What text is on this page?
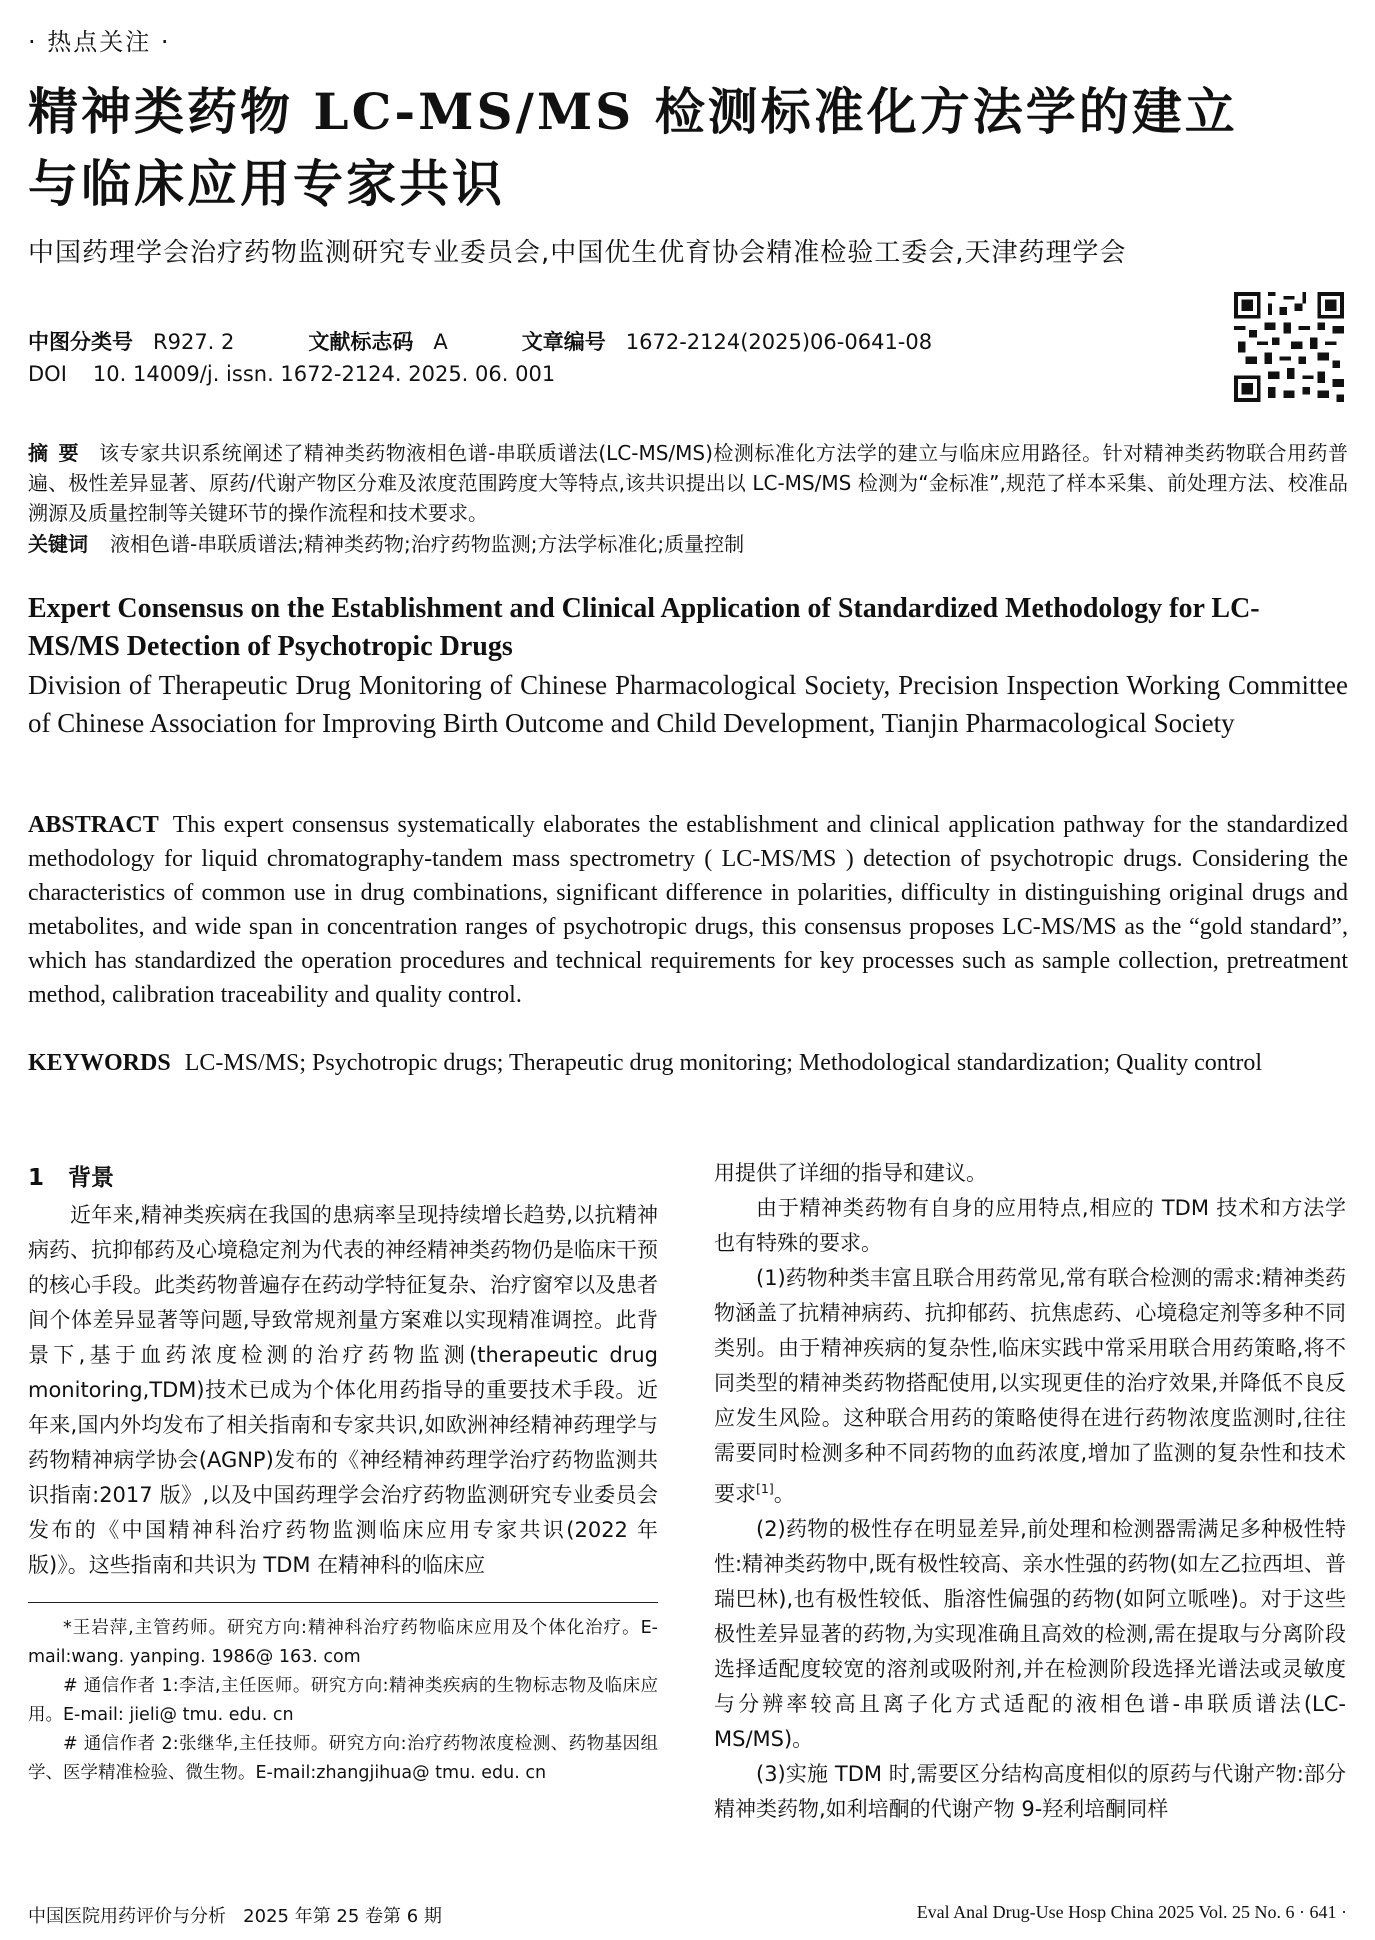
· 热点关注 ·
精神类药物 LC-MS/MS 检测标准化方法学的建立
与临床应用专家共识
中国药理学会治疗药物监测研究专业委员会,中国优生优育协会精准检验工委会,天津药理学会
中图分类号 R927. 2	文献标志码 A	文章编号 1672-2124(2025)06-0641-08
DOI 10. 14009/j. issn. 1672-2124. 2025. 06. 001
摘要 该专家共识系统阐述了精神类药物液相色谱-串联质谱法(LC-MS/MS)检测标准化方法学的建立与临床应用路径。针对精神类药物联合用药普遍、极性差异显著、原药/代谢产物区分难及浓度范围跨度大等特点,该共识提出以 LC-MS/MS 检测为“金标准”,规范了样本采集、前处理方法、校准品溯源及质量控制等关键环节的操作流程和技术要求。
关键词 液相色谱-串联质谱法;精神类药物;治疗药物监测;方法学标准化;质量控制
Expert Consensus on the Establishment and Clinical Application of Standardized Methodology for LC-MS/MS Detection of Psychotropic Drugs
Division of Therapeutic Drug Monitoring of Chinese Pharmacological Society, Precision Inspection Working Committee of Chinese Association for Improving Birth Outcome and Child Development, Tianjin Pharmacological Society
ABSTRACT This expert consensus systematically elaborates the establishment and clinical application pathway for the standardized methodology for liquid chromatography-tandem mass spectrometry ( LC-MS/MS ) detection of psychotropic drugs. Considering the characteristics of common use in drug combinations, significant difference in polarities, difficulty in distinguishing original drugs and metabolites, and wide span in concentration ranges of psychotropic drugs, this consensus proposes LC-MS/MS as the “gold standard”, which has standardized the operation procedures and technical requirements for key processes such as sample collection, pretreatment method, calibration traceability and quality control.
KEYWORDS LC-MS/MS; Psychotropic drugs; Therapeutic drug monitoring; Methodological standardization; Quality control
1 背景

近年来,精神类疾病在我国的患病率呈现持续增长趋势,以抗精神病药、抗抑郁药及心境稳定剂为代表的神经精神类药物仍是临床干预的核心手段。此类药物普遍存在药动学特征复杂、治疗窗窄以及患者间个体差异显著等问题,导致常规剂量方案难以实现精准调控。此背景下,基于血药浓度检测的治疗药物监测(therapeutic drug monitoring,TDM)技术已成为个体化用药指导的重要技术手段。近年来,国内外均发布了相关指南和专家共识,如欧洲神经精神药理学与药物精神病学协会(AGNP)发布的《神经精神药理学治疗药物监测共识指南:2017 版》,以及中国药理学会治疗药物监测研究专业委员会发布的《中国精神科治疗药物监测临床应用专家共识(2022 年版)》。这些指南和共识为 TDM 在精神科的临床应

*王岩萍,主管药师。研究方向:精神科治疗药物临床应用及个体化治疗。E-mail:wang. yanping. 1986@ 163. com

# 通信作者 1:李洁,主任医师。研究方向:精神类疾病的生物标志物及临床应用。E-mail: jieli@ tmu. edu. cn

# 通信作者 2:张继华,主任技师。研究方向:治疗药物浓度检测、药物基因组学、医学精准检验、微生物。E-mail:zhangjihua@ tmu. edu. cn

用提供了详细的指导和建议。

由于精神类药物有自身的应用特点,相应的 TDM 技术和方法学也有特殊的要求。

(1)药物种类丰富且联合用药常见,常有联合检测的需求:精神类药物涵盖了抗精神病药、抗抑郁药、抗焦虑药、心境稳定剂等多种不同类别。由于精神疾病的复杂性,临床实践中常采用联合用药策略,将不同类型的精神类药物搭配使用,以实现更佳的治疗效果,并降低不良反应发生风险。这种联合用药的策略使得在进行药物浓度监测时,往往需要同时检测多种不同药物的血药浓度,增加了监测的复杂性和技术要求[1]。

(2)药物的极性存在明显差异,前处理和检测器需满足多种极性特性:精神类药物中,既有极性较高、亲水性强的药物(如左乙拉西坦、普瑞巴林),也有极性较低、脂溶性偏强的药物(如阿立哌唑)。对于这些极性差异显著的药物,为实现准确且高效的检测,需在提取与分离阶段选择适配度较宽的溶剂或吸附剂,并在检测阶段选择光谱法或灵敏度与分辨率较高且离子化方式适配的液相色谱-串联质谱法(LC-MS/MS)。

(3)实施 TDM 时,需要区分结构高度相似的原药与代谢产物:部分精神类药物,如利培酮的代谢产物 9-羟利培酮同样

中国医院用药评价与分析   2025 年第 25 卷第 6 期	Eval Anal Drug-Use Hosp China 2025 Vol. 25 No. 6 · 641 ·
